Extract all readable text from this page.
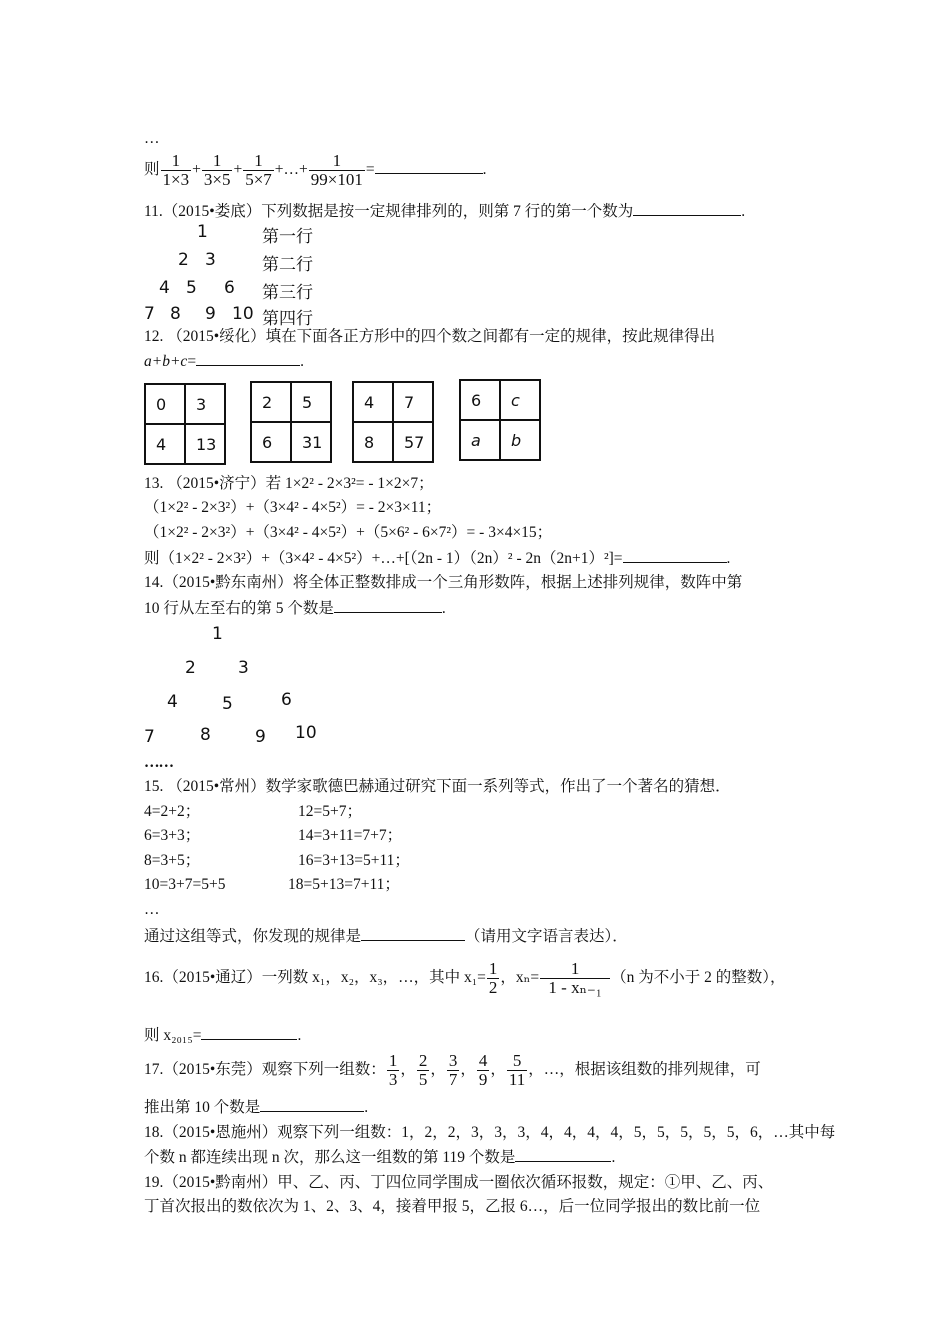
…
则 $\frac{1}{1\times 3} + \frac{1}{3\times 5} + \frac{1}{5\times 7}$ +…+ $\frac{1}{99\times 101}$ =	.
11.（2015•娄底）下列数据是按一定规律排列的，则第 7 行的第一个数为	.
1	第一行
2 3	第二行
4 5 6 第三行
7 8 9 10 第四行
12. （2015•绥化）填在下面各正方形中的四个数之间都有一定的规律，按此规律得出
a+b+c=	.
0	3
4	13
2	5
6	31
4	7
8	57
6	c
a	b
13. （2015•济宁）若 1×2² - 2×3²= - 1×2×7；
（1×2² - 2×3²）+（3×4² - 4×5²）= - 2×3×11；
（1×2² - 2×3²）+（3×4² - 4×5²）+（5×6² - 6×7²）= - 3×4×15；
则（1×2² - 2×3²）+（3×4² - 4×5²）+…+[（2n - 1）（2n）² - 2n（2n+1）²]=	.
14.（2015•黔东南州）将全体正整数排成一个三角形数阵，根据上述排列规律，数阵中第
10 行从左至右的第 5 个数是	.
1
2 3
4	5	6
7	8	9 10
……
15. （2015•常州）数学家歌德巴赫通过研究下面一系列等式，作出了一个著名的猜想．
4=2+2；	12=5+7；
6=3+3；	14=3+11=7+7；
8=3+5；	16=3+13=5+11；
10=3+7=5+5	18=5+13=7+11；
…
通过这组等式，你发现的规律是	（请用文字语言表达）．
16.（2015•通辽）一列数 x₁，x₂，x₃，…，其中 $x_1= \frac{1}{2}$ ，$x_n= \frac{1}{\text{1 - xₙ₋₁}} (n$ 为不小于 2 的整数），
则 x₂₀₁₅=	.
17.（2015•东莞）观察下列一组数： $\frac{1}{3}$ ， $\frac{2}{5}$ ， $\frac{3}{7}$ ， $\frac{4}{9}$ ， $\frac{5}{11}$ ，…，根据该组数的排列规律，可
推出第 10 个数是	.
18.（2015•恩施州）观察下列一组数：1，2，2，3，3，3，4，4，4，4，5，5，5，5，5，6，…其中每
个数 n 都连续出现 n 次，那么这一组数的第 119 个数是	.
19.（2015•黔南州）甲、乙、丙、丁四位同学围成一圈依次循环报数，规定：①甲、乙、丙、
丁首次报出的数依次为 1、2、3、4，接着甲报 5，乙报 6…，后一位同学报出的数比前一位
